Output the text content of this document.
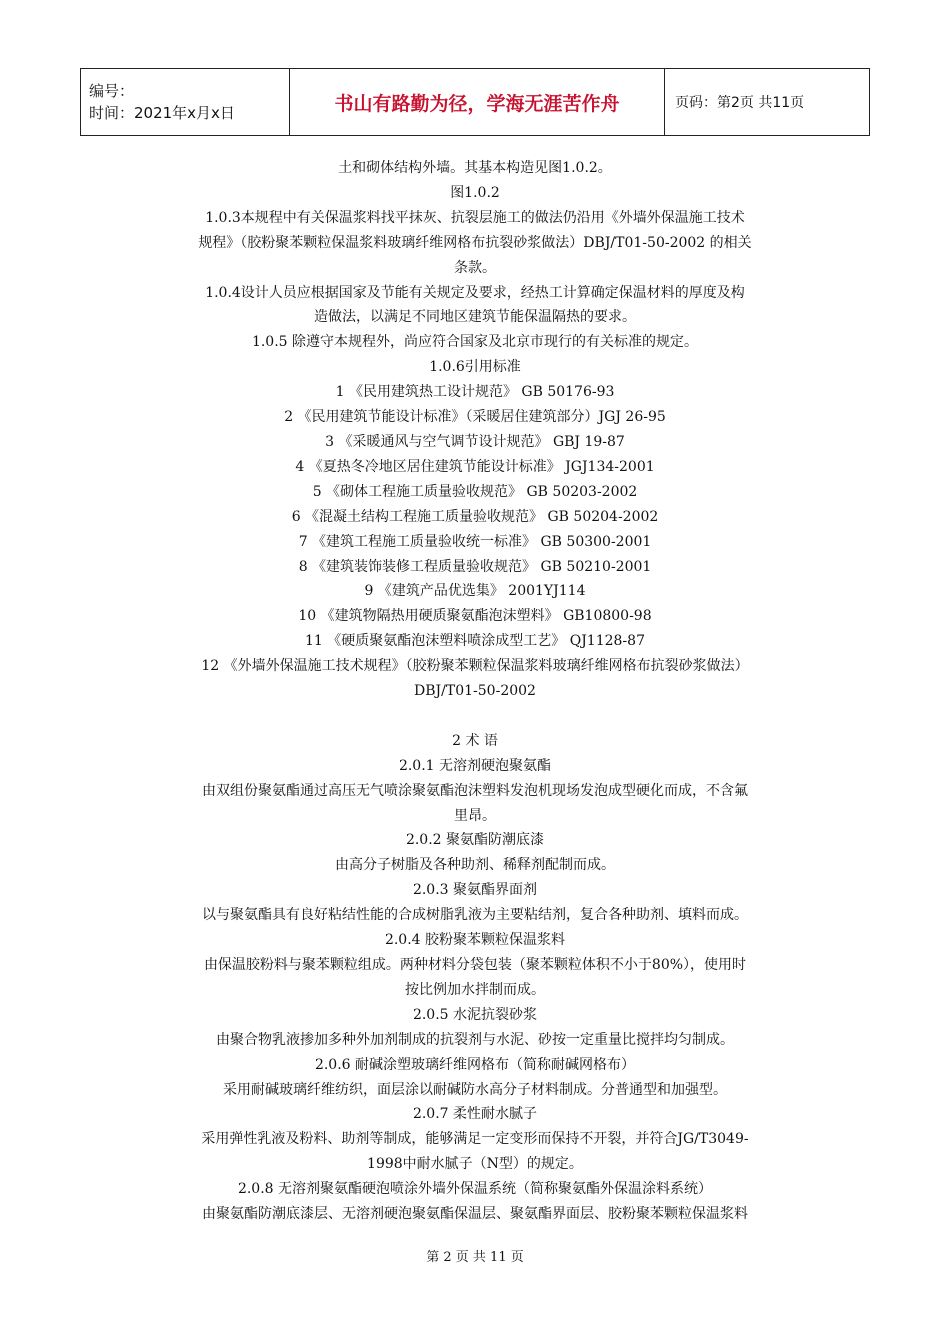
编号：
时间：2021年x月x日	书山有路勤为径，学海无涯苦作舟	页码：第2页 共11页
土和砌体结构外墙。其基本构造见图1.0.2。
图1.0.2
1.0.3本规程中有关保温浆料找平抹灰、抗裂层施工的做法仍沿用《外墙外保温施工技术
规程》（胶粉聚苯颗粒保温浆料玻璃纤维网格布抗裂砂浆做法）DBJ/T01-50-2002 的相关
条款。
1.0.4设计人员应根据国家及节能有关规定及要求，经热工计算确定保温材料的厚度及构
造做法，以满足不同地区建筑节能保温隔热的要求。
1.0.5 除遵守本规程外，尚应符合国家及北京市现行的有关标准的规定。
1.0.6引用标准
1 《民用建筑热工设计规范》 GB 50176-93
2 《民用建筑节能设计标准》（采暖居住建筑部分）JGJ 26-95
3 《采暖通风与空气调节设计规范》 GBJ 19-87
4 《夏热冬冷地区居住建筑节能设计标准》 JGJ134-2001
5 《砌体工程施工质量验收规范》 GB 50203-2002
6 《混凝土结构工程施工质量验收规范》 GB 50204-2002
7 《建筑工程施工质量验收统一标准》 GB 50300-2001
8 《建筑装饰装修工程质量验收规范》 GB 50210-2001
9 《建筑产品优选集》 2001YJ114
10 《建筑物隔热用硬质聚氨酯泡沫塑料》 GB10800-98
11 《硬质聚氨酯泡沫塑料喷涂成型工艺》 QJ1128-87
12 《外墙外保温施工技术规程》（胶粉聚苯颗粒保温浆料玻璃纤维网格布抗裂砂浆做法）
DBJ/T01-50-2002
2 术 语
2.0.1 无溶剂硬泡聚氨酯
由双组份聚氨酯通过高压无气喷涂聚氨酯泡沫塑料发泡机现场发泡成型硬化而成，不含氟
里昂。
2.0.2 聚氨酯防潮底漆
由高分子树脂及各种助剂、稀释剂配制而成。
2.0.3 聚氨酯界面剂
以与聚氨酯具有良好粘结性能的合成树脂乳液为主要粘结剂，复合各种助剂、填料而成。
2.0.4 胶粉聚苯颗粒保温浆料
由保温胶粉料与聚苯颗粒组成。两种材料分袋包装（聚苯颗粒体积不小于80%），使用时
按比例加水拌制而成。
2.0.5 水泥抗裂砂浆
由聚合物乳液掺加多种外加剂制成的抗裂剂与水泥、砂按一定重量比搅拌均匀制成。
2.0.6 耐碱涂塑玻璃纤维网格布（简称耐碱网格布）
采用耐碱玻璃纤维纺织，面层涂以耐碱防水高分子材料制成。分普通型和加强型。
2.0.7 柔性耐水腻子
采用弹性乳液及粉料、助剂等制成，能够满足一定变形而保持不开裂，并符合JG/T3049-
1998中耐水腻子（N型）的规定。
2.0.8 无溶剂聚氨酯硬泡喷涂外墙外保温系统（简称聚氨酯外保温涂料系统）
由聚氨酯防潮底漆层、无溶剂硬泡聚氨酯保温层、聚氨酯界面层、胶粉聚苯颗粒保温浆料
第 2 页 共 11 页
